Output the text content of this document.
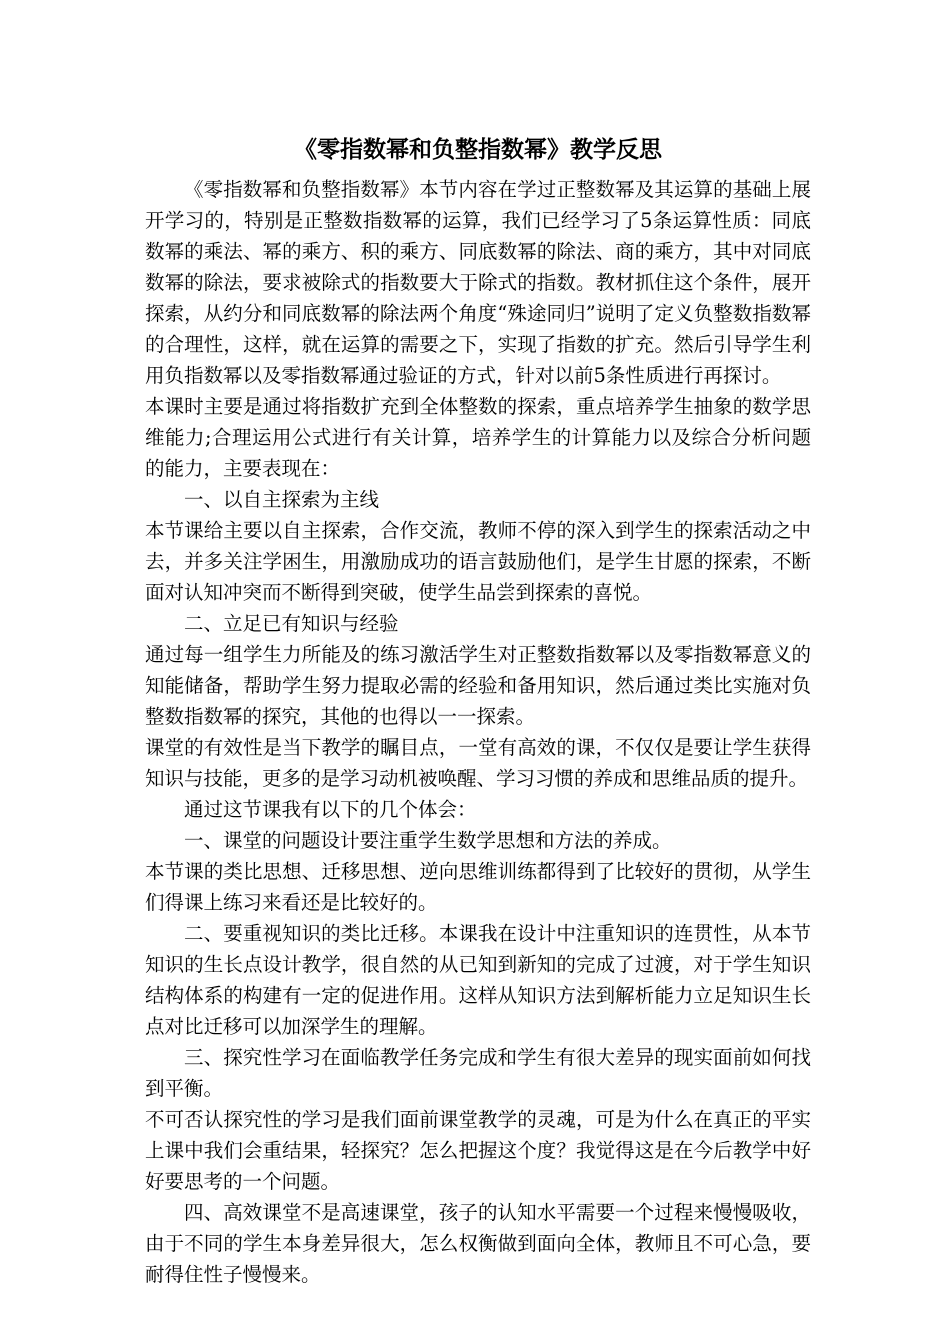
《零指数幂和负整指数幂》教学反思

《零指数幂和负整指数幂》本节内容在学过正整数幂及其运算的基础上展开学习的，特别是正整数指数幂的运算，我们已经学习了5条运算性质：同底数幂的乘法、幂的乘方、积的乘方、同底数幂的除法、商的乘方，其中对同底数幂的除法，要求被除式的指数要大于除式的指数。教材抓住这个条件，展开探索，从约分和同底数幂的除法两个角度“殊途同归”说明了定义负整数指数幂的合理性，这样，就在运算的需要之下，实现了指数的扩充。然后引导学生利用负指数幂以及零指数幂通过验证的方式，针对以前5条性质进行再探讨。

本课时主要是通过将指数扩充到全体整数的探索，重点培养学生抽象的数学思维能力;合理运用公式进行有关计算，培养学生的计算能力以及综合分析问题的能力，主要表现在：

一、以自主探索为主线

本节课给主要以自主探索，合作交流，教师不停的深入到学生的探索活动之中去，并多关注学困生，用激励成功的语言鼓励他们，是学生甘愿的探索，不断面对认知冲突而不断得到突破，使学生品尝到探索的喜悦。

二、立足已有知识与经验

通过每一组学生力所能及的练习激活学生对正整数指数幂以及零指数幂意义的知能储备，帮助学生努力提取必需的经验和备用知识，然后通过类比实施对负整数指数幂的探究，其他的也得以一一探索。

课堂的有效性是当下教学的瞩目点，一堂有高效的课，不仅仅是要让学生获得知识与技能，更多的是学习动机被唤醒、学习习惯的养成和思维品质的提升。

通过这节课我有以下的几个体会：

一、课堂的问题设计要注重学生数学思想和方法的养成。

本节课的类比思想、迁移思想、逆向思维训练都得到了比较好的贯彻，从学生们得课上练习来看还是比较好的。

二、要重视知识的类比迁移。本课我在设计中注重知识的连贯性，从本节知识的生长点设计教学，很自然的从已知到新知的完成了过渡，对于学生知识结构体系的构建有一定的促进作用。这样从知识方法到解析能力立足知识生长点对比迁移可以加深学生的理解。

三、探究性学习在面临教学任务完成和学生有很大差异的现实面前如何找到平衡。

不可否认探究性的学习是我们面前课堂教学的灵魂，可是为什么在真正的平实上课中我们会重结果，轻探究？怎么把握这个度？我觉得这是在今后教学中好好要思考的一个问题。

四、高效课堂不是高速课堂，孩子的认知水平需要一个过程来慢慢吸收，由于不同的学生本身差异很大，怎么权衡做到面向全体，教师且不可心急，要耐得住性子慢慢来。
